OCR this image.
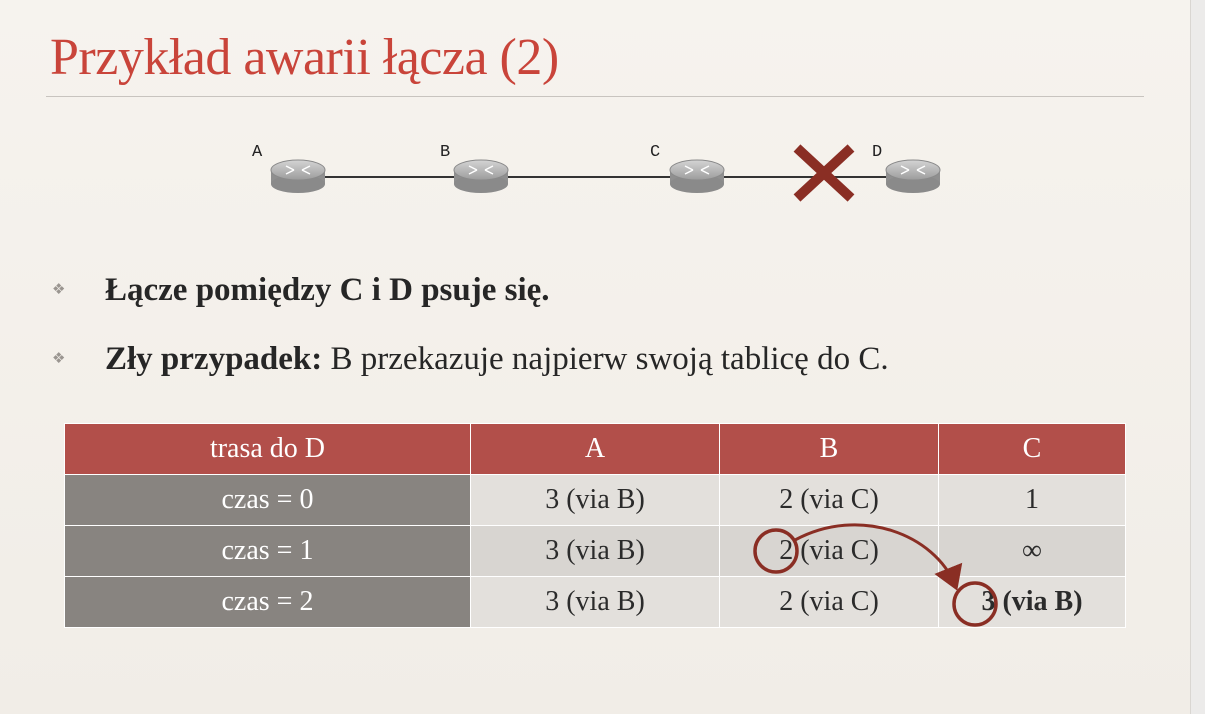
Przykład awarii łącza (2)
A	B	C	D
❖ Łącze pomiędzy C i D psuje się.
❖ Zły przypadek: B przekazuje najpierw swoją tablicę do C.
trasa do D	A	B	C
czas = 0	3 (via B)	2 (via C)	1
czas = 1	3 (via B)	2 (via C)	∞
czas = 2	3 (via B)	2 (via C)	3 (via B)
